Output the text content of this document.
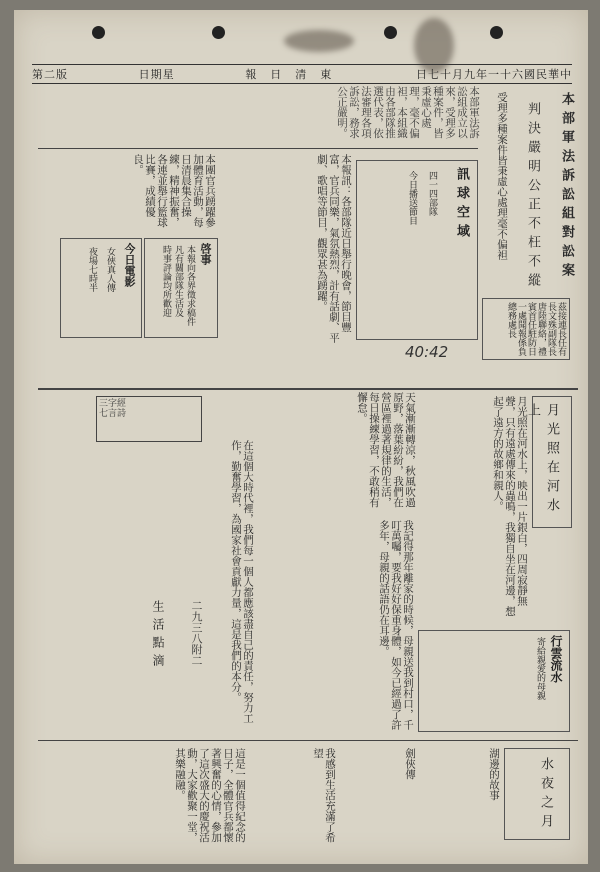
第二版	日期星	報日清東	日七十月九年一十六國民華中
本部軍法訴訟組對訟案
判決嚴明公正不枉不縱
受理多種案件皆秉虛心處理毫不偏袒
本部軍法訴訟組成立以來，受理多種案件，皆秉虛心處理，毫不偏袒，本組織由各部隊推選代表，依法審理各項訴訟，務求公正嚴明。
訊球空域
四一四部隊
今日播送節目
本報訊：各部隊近日舉行晚會，節目豐富，官兵同樂，氣氛熱烈，計有話劇、平劇、歌唱等節目，觀眾甚為踴躍。
40:42	茲接連長任有長文殊副隊長唐陸聯絡，禮賓首任駐防日一處聞報係負總務處長
今日電影
女俠真人傳
夜場七時半	啓事
本報向各界徵求稿件
凡有關部隊生活及
時事評論均所歡迎
本團官兵踴躍參加體育活動，每日清晨集合操練，精神振奮，各連並舉行籃球比賽，成績優良。
月光照在河水上
月光照在河水上，映出一片銀白，四周寂靜無聲，只有遠處傳來的蟲鳴，我獨自坐在河邊，想起了遠方的故鄉和親人。
天氣漸漸轉涼，秋風吹過原野，落葉紛紛，我們在營區裡過著規律的生活，每日操練學習，不敢稍有懈怠。
三字經
七言詩
在這個大時代裡，我們每一個人都應該盡自己的責任，努力工作，勤奮學習，為國家社會貢獻力量，這是我們的本分。
生活點滴 二九三八附二	我記得那年離家的時候，母親送我到村口，千叮萬囑，要我好好保重身體，如今已經過了許多年，母親的話語仍在耳邊。
行雲流水
寄給親愛的母親
水夜之月
湖邊的故事
劍俠傳
我感到生活充滿了希望
這是一個值得紀念的日子，全體官兵都懷著興奮的心情，參加了這次盛大的慶祝活動，大家歡聚一堂，其樂融融。
